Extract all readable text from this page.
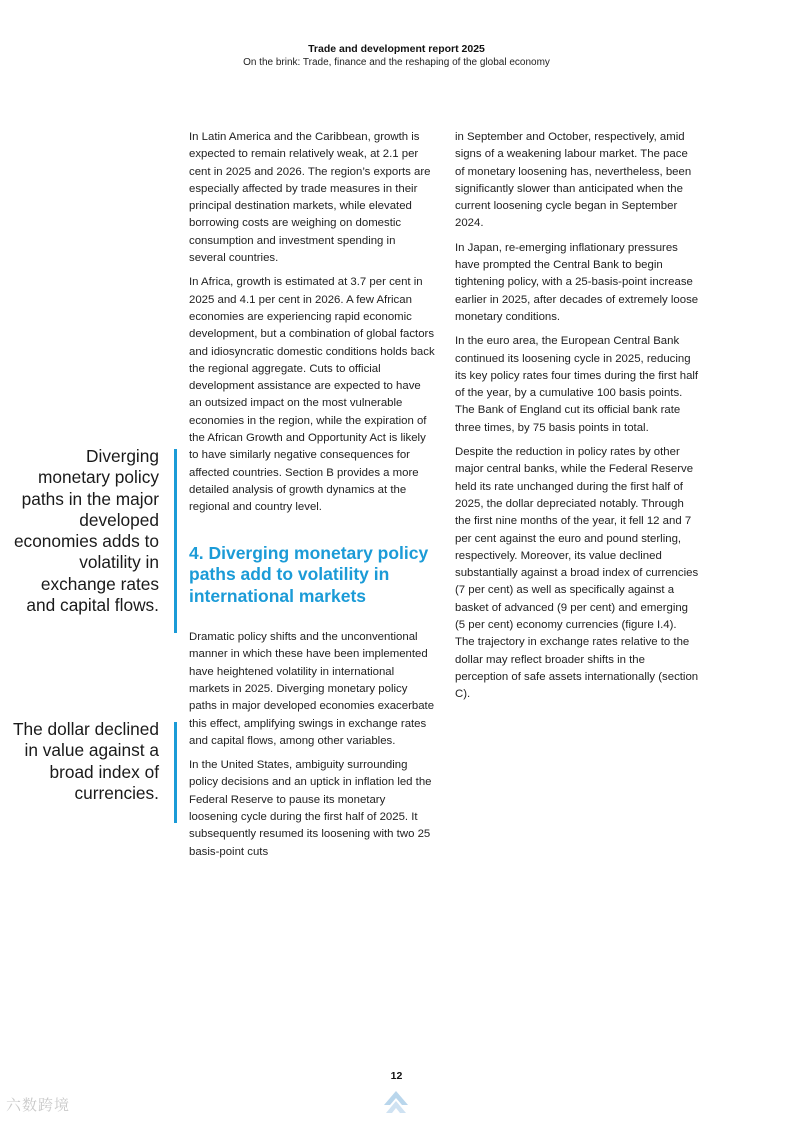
Trade and development report 2025
On the brink: Trade, finance and the reshaping of the global economy
Diverging monetary policy paths in the major developed economies adds to volatility in exchange rates and capital flows.
The dollar declined in value against a broad index of currencies.

In Latin America and the Caribbean, growth is expected to remain relatively weak, at 2.1 per cent in 2025 and 2026. The region’s exports are especially affected by trade measures in their principal destination markets, while elevated borrowing costs are weighing on domestic consumption and investment spending in several countries.

In Africa, growth is estimated at 3.7 per cent in 2025 and 4.1 per cent in 2026. A few African economies are experiencing rapid economic development, but a combination of global factors and idiosyncratic domestic conditions holds back the regional aggregate. Cuts to official development assistance are expected to have an outsized impact on the most vulnerable economies in the region, while the expiration of the African Growth and Opportunity Act is likely to have similarly negative consequences for affected countries. Section B provides a more detailed analysis of growth dynamics at the regional and country level.

4. Diverging monetary policy paths add to volatility in international markets

Dramatic policy shifts and the unconventional manner in which these have been implemented have heightened volatility in international markets in 2025. Diverging monetary policy paths in major developed economies exacerbate this effect, amplifying swings in exchange rates and capital flows, among other variables.

In the United States, ambiguity surrounding policy decisions and an uptick in inflation led the Federal Reserve to pause its monetary loosening cycle during the first half of 2025. It subsequently resumed its loosening with two 25 basis-point cuts

in September and October, respectively, amid signs of a weakening labour market. The pace of monetary loosening has, nevertheless, been significantly slower than anticipated when the current loosening cycle began in September 2024.

In Japan, re-emerging inflationary pressures have prompted the Central Bank to begin tightening policy, with a 25-basis-point increase earlier in 2025, after decades of extremely loose monetary conditions.

In the euro area, the European Central Bank continued its loosening cycle in 2025, reducing its key policy rates four times during the first half of the year, by a cumulative 100 basis points. The Bank of England cut its official bank rate three times, by 75 basis points in total.

Despite the reduction in policy rates by other major central banks, while the Federal Reserve held its rate unchanged during the first half of 2025, the dollar depreciated notably. Through the first nine months of the year, it fell 12 and 7 per cent against the euro and pound sterling, respectively. Moreover, its value declined substantially against a broad index of currencies (7 per cent) as well as specifically against a basket of advanced (9 per cent) and emerging (5 per cent) economy currencies (figure I.4). The trajectory in exchange rates relative to the dollar may reflect broader shifts in the perception of safe assets internationally (section C).

12
六数跨境
